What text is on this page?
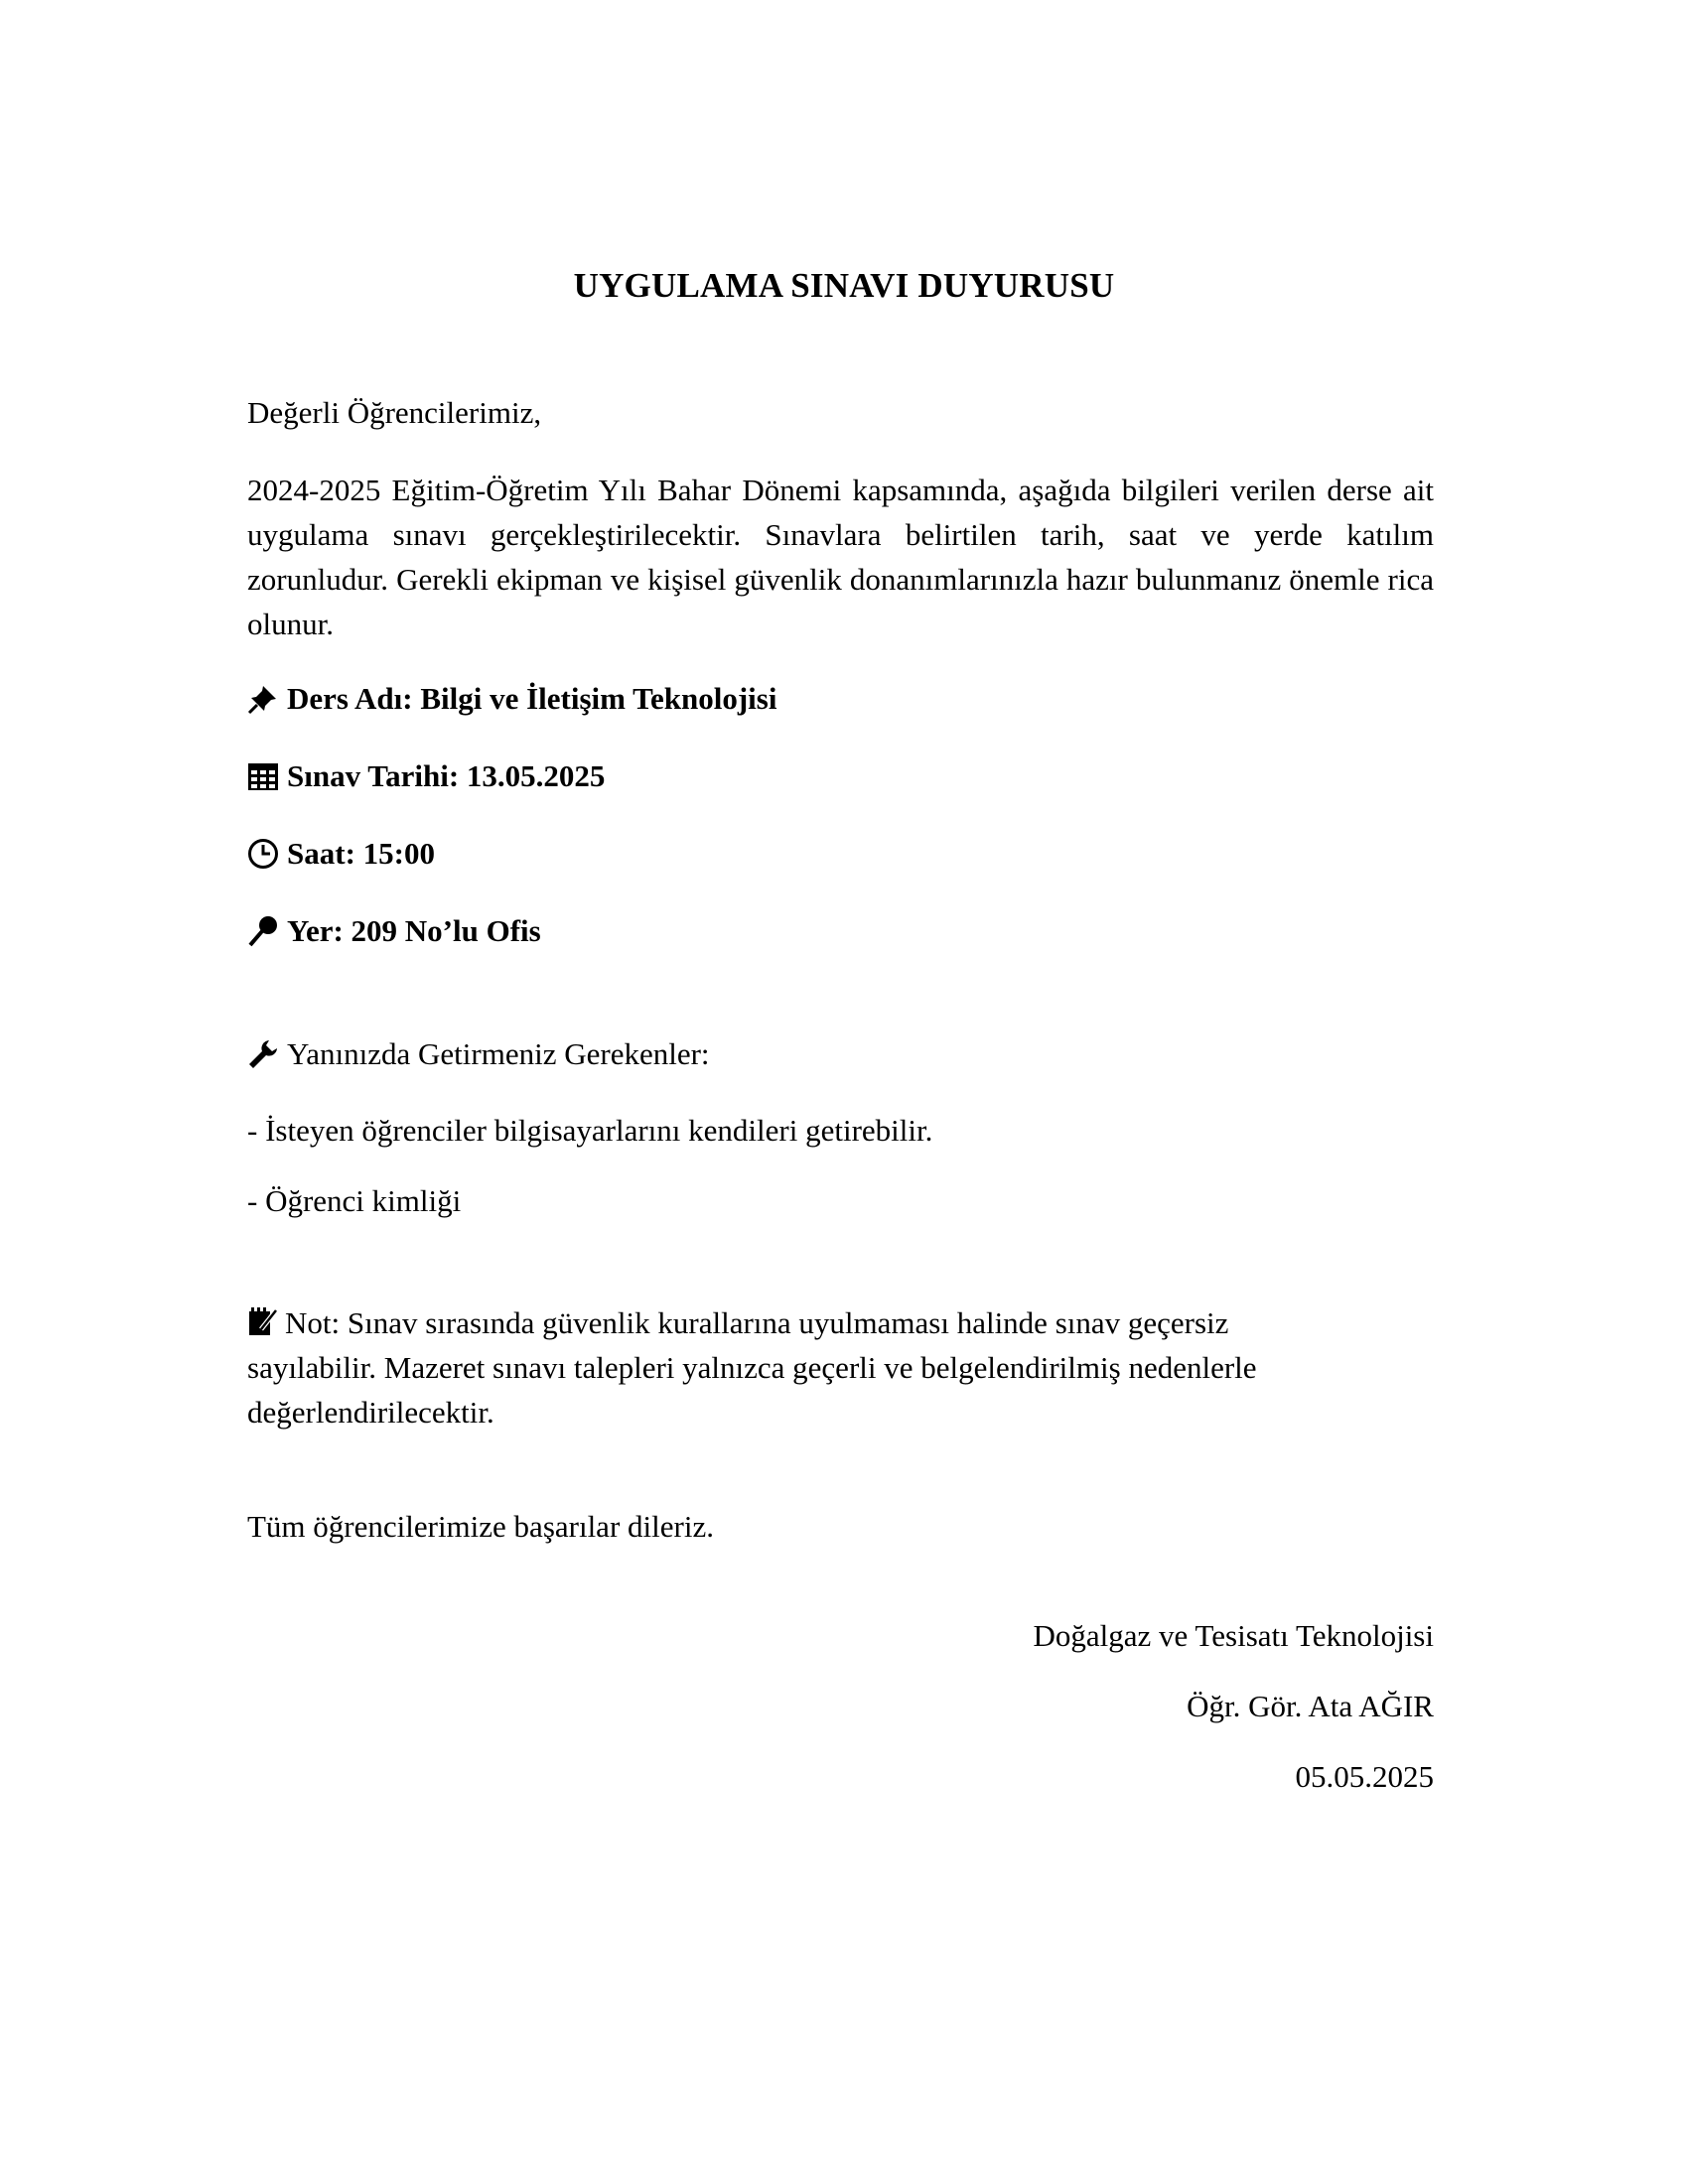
UYGULAMA SINAVI DUYURUSU
Değerli Öğrencilerimiz,
2024-2025 Eğitim-Öğretim Yılı Bahar Dönemi kapsamında, aşağıda bilgileri verilen derse ait uygulama sınavı gerçekleştirilecektir. Sınavlara belirtilen tarih, saat ve yerde katılım zorunludur. Gerekli ekipman ve kişisel güvenlik donanımlarınızla hazır bulunmanız önemle rica olunur.
Ders Adı: Bilgi ve İletişim Teknolojisi
Sınav Tarihi: 13.05.2025
Saat: 15:00
Yer: 209 No’lu Ofis
Yanınızda Getirmeniz Gerekenler:
- İsteyen öğrenciler bilgisayarlarını kendileri getirebilir.
- Öğrenci kimliği
Not: Sınav sırasında güvenlik kurallarına uyulmaması halinde sınav geçersiz sayılabilir. Mazeret sınavı talepleri yalnızca geçerli ve belgelendirilmiş nedenlerle değerlendirilecektir.
Tüm öğrencilerimize başarılar dileriz.
Doğalgaz ve Tesisatı Teknolojisi
Öğr. Gör. Ata AĞIR
05.05.2025
